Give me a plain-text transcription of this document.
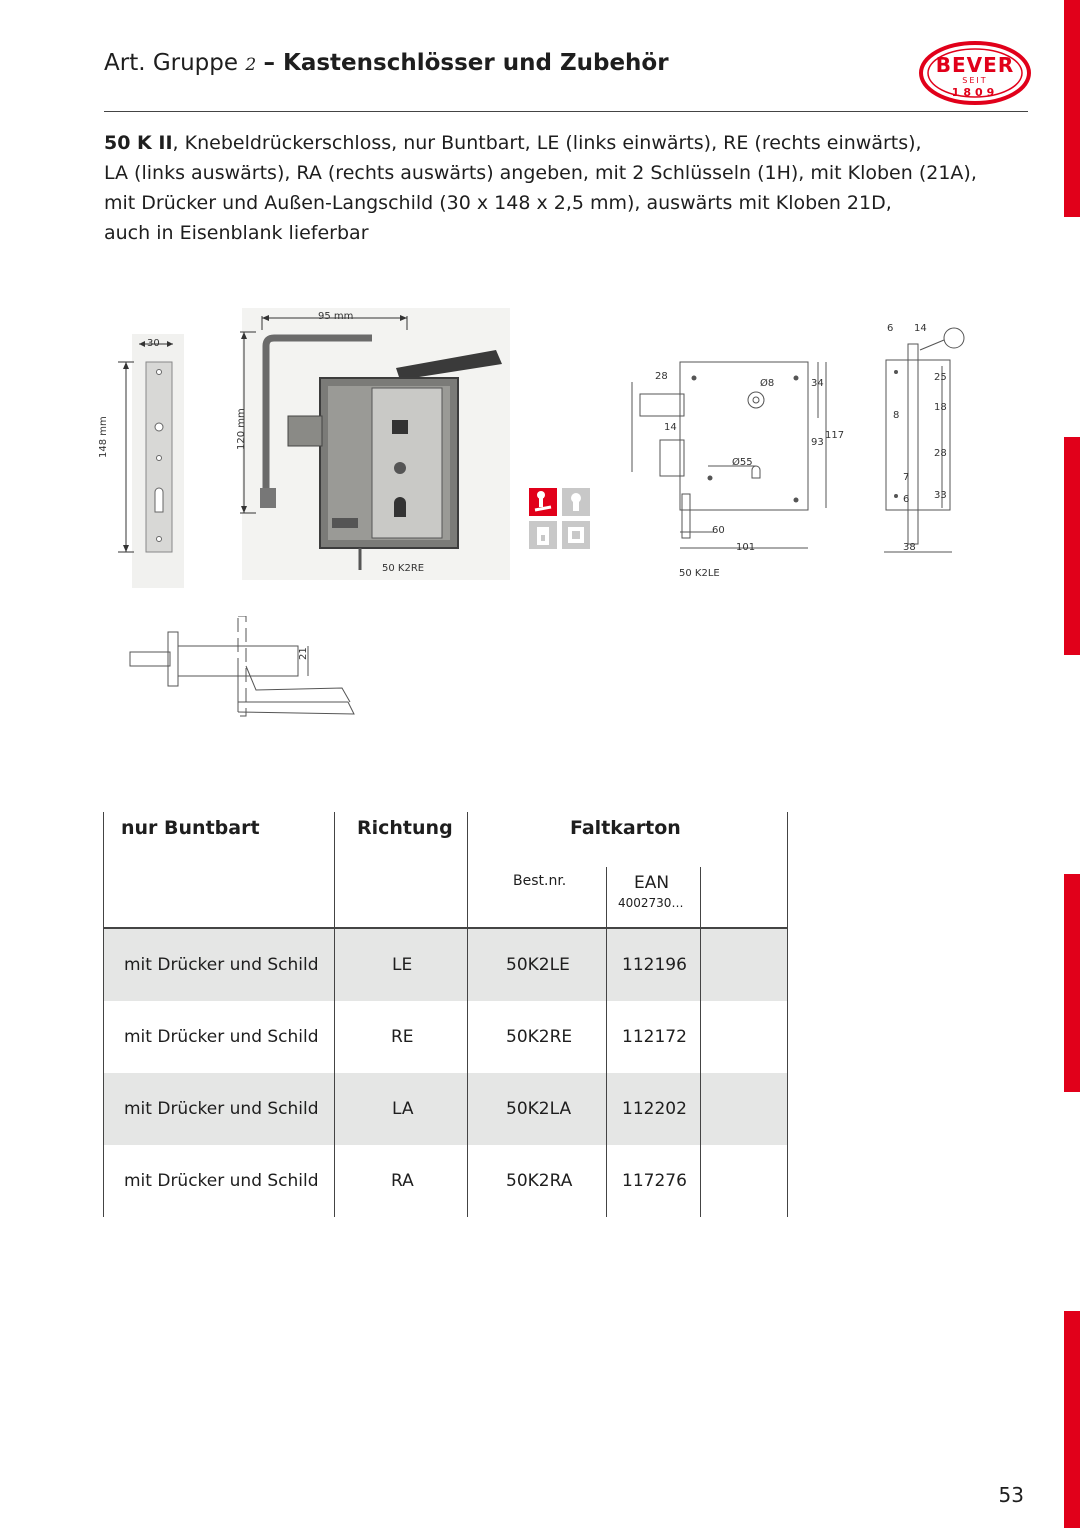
Art. Gruppe 2 – Kastenschlösser und Zubehör	BEVER
SEIT
1809

50 K II, Knebeldrückerschloss, nur Buntbart, LE (links einwärts), RE (rechts einwärts),

LA (links auswärts), RA (rechts auswärts) angeben, mit 2 Schlüsseln (1H), mit Kloben (21A),

mit Drücker und Außen-Langschild (30 x 148 x 2,5 mm), auswärts mit Kloben 21D,

auch in Eisenblank lieferbar

30
148 mm
95 mm
120 mm
50 K2RE
28
14
Ø8
Ø55
60
101
34
93
117
50 K2LE
6 14
25
18
28
33
8
7
6
38
21
nur Buntbart	Richtung	Faltkarton
Best.nr.	EAN
4002730…
mit Drücker und Schild	LE	50K2LE	112196
mit Drücker und Schild	RE	50K2RE	112172
mit Drücker und Schild	LA	50K2LA	112202
mit Drücker und Schild	RA	50K2RA	117276
53
